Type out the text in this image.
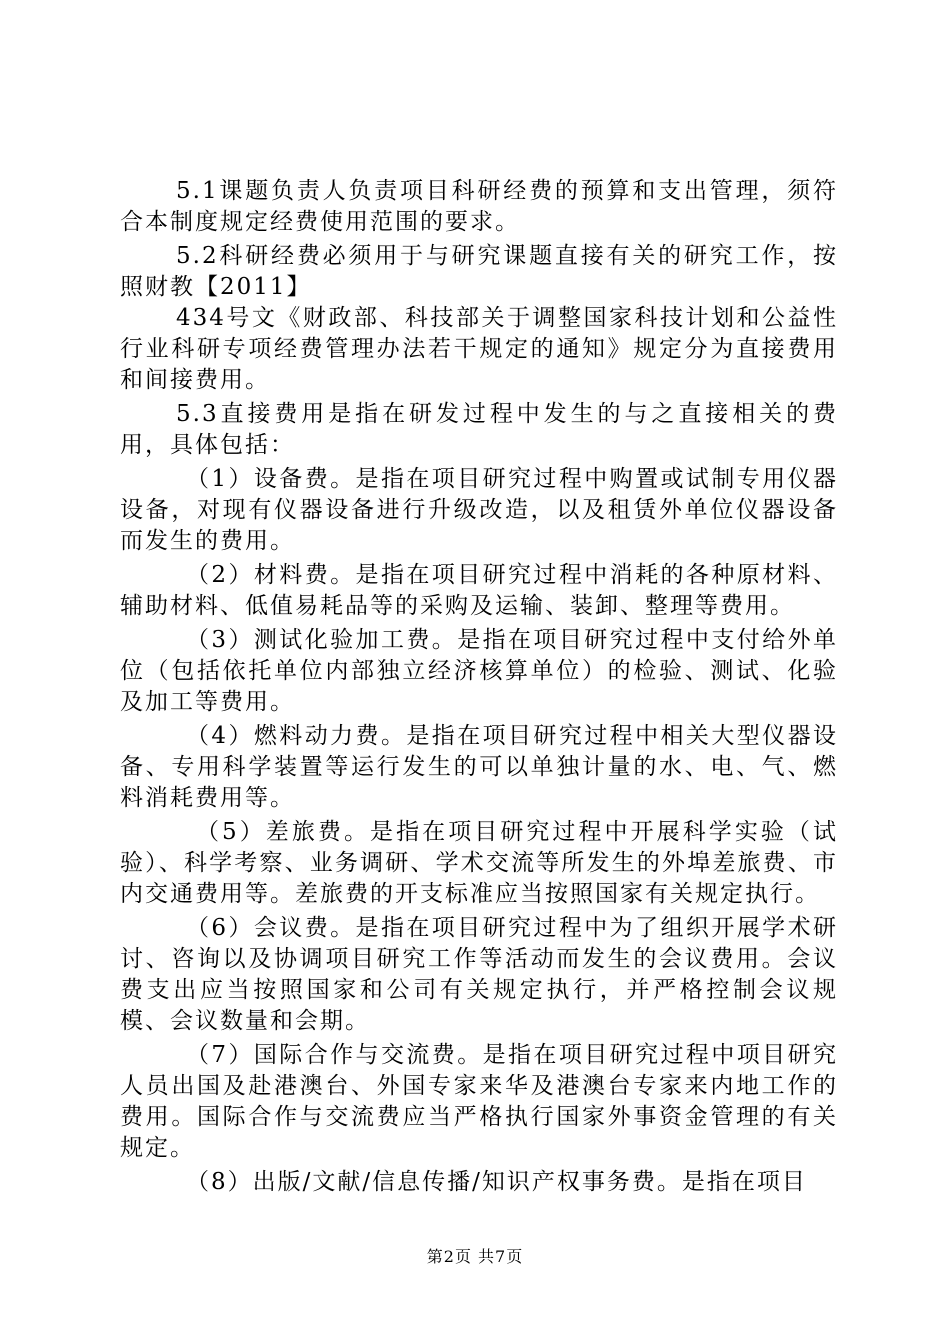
5.1课题负责人负责项目科研经费的预算和支出管理，须符合本制度规定经费使用范围的要求。

5.2科研经费必须用于与研究课题直接有关的研究工作，按照财教【2011】

434号文《财政部、科技部关于调整国家科技计划和公益性行业科研专项经费管理办法若干规定的通知》规定分为直接费用和间接费用。

5.3直接费用是指在研发过程中发生的与之直接相关的费用，具体包括：

（1）设备费。是指在项目研究过程中购置或试制专用仪器设备，对现有仪器设备进行升级改造，以及租赁外单位仪器设备而发生的费用。

（2）材料费。是指在项目研究过程中消耗的各种原材料、辅助材料、低值易耗品等的采购及运输、装卸、整理等费用。

（3）测试化验加工费。是指在项目研究过程中支付给外单位（包括依托单位内部独立经济核算单位）的检验、测试、化验及加工等费用。

（4）燃料动力费。是指在项目研究过程中相关大型仪器设备、专用科学装置等运行发生的可以单独计量的水、电、气、燃料消耗费用等。

（5）差旅费。是指在项目研究过程中开展科学实验（试验）、科学考察、业务调研、学术交流等所发生的外埠差旅费、市内交通费用等。差旅费的开支标准应当按照国家有关规定执行。

（6）会议费。是指在项目研究过程中为了组织开展学术研讨、咨询以及协调项目研究工作等活动而发生的会议费用。会议费支出应当按照国家和公司有关规定执行，并严格控制会议规模、会议数量和会期。

（7）国际合作与交流费。是指在项目研究过程中项目研究人员出国及赴港澳台、外国专家来华及港澳台专家来内地工作的费用。国际合作与交流费应当严格执行国家外事资金管理的有关规定。

（8）出版/文献/信息传播/知识产权事务费。是指在项目

第2页 共7页
